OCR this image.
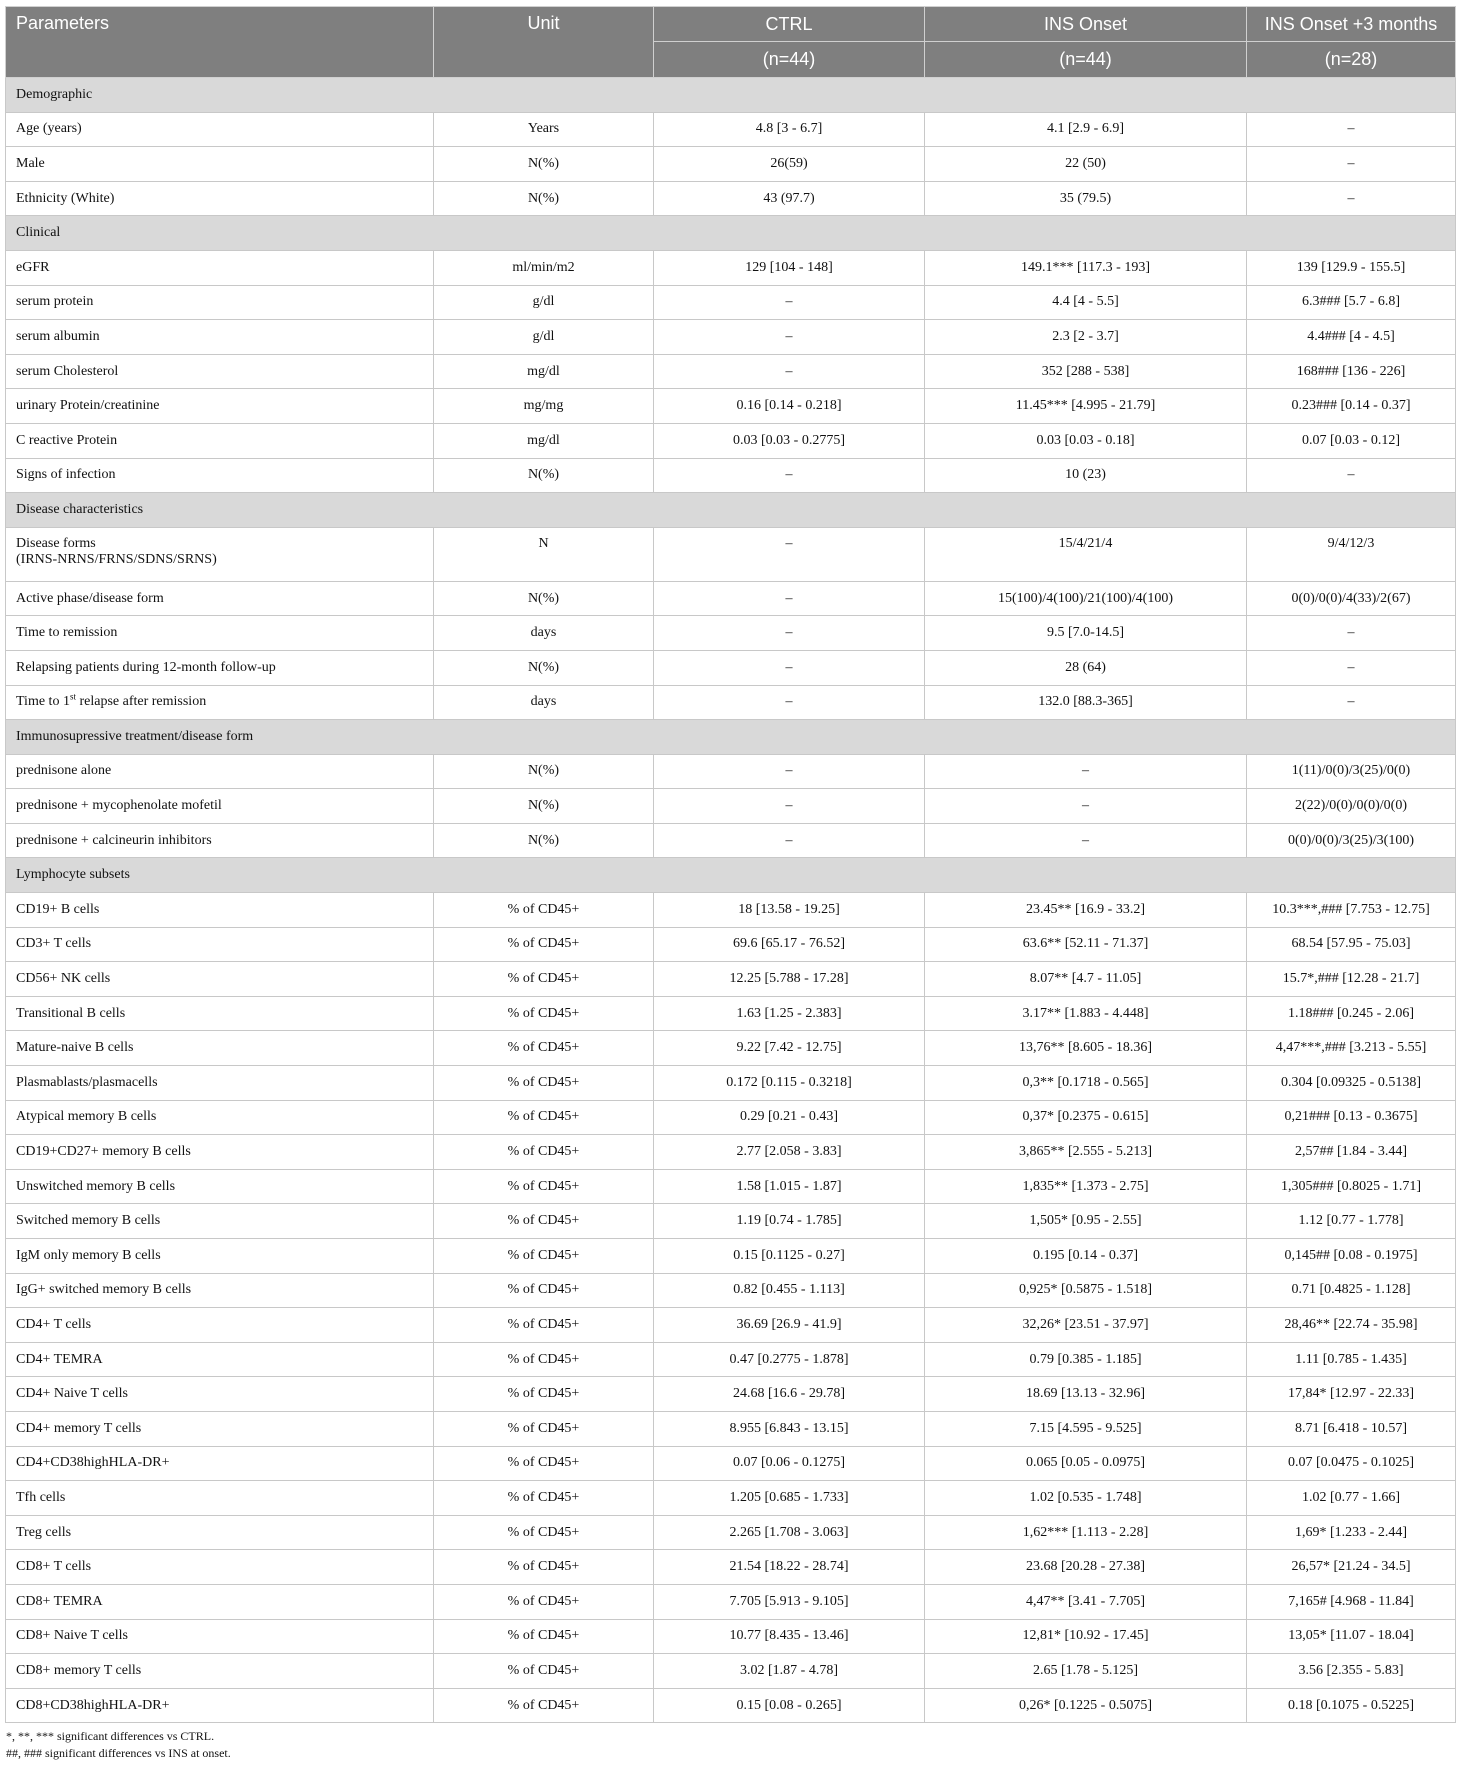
Parameters	Unit	CTRL	INS Onset	INS Onset +3 months
		(n=44)	(n=44)	(n=28)
Demographic				
Age (years)	Years	4.8 [3 - 6.7]	4.1 [2.9 - 6.9]	–
Male	N(%)	26(59)	22 (50)	–
Ethnicity (White)	N(%)	43 (97.7)	35 (79.5)	–
Clinical				
eGFR	ml/min/m2	129 [104 - 148]	149.1*** [117.3 - 193]	139 [129.9 - 155.5]
serum protein	g/dl	–	4.4 [4 - 5.5]	6.3### [5.7 - 6.8]
serum albumin	g/dl	–	2.3 [2 - 3.7]	4.4### [4 - 4.5]
serum Cholesterol	mg/dl	–	352 [288 - 538]	168### [136 - 226]
urinary Protein/creatinine	mg/mg	0.16 [0.14 - 0.218]	11.45*** [4.995 - 21.79]	0.23### [0.14 - 0.37]
C reactive Protein	mg/dl	0.03 [0.03 - 0.2775]	0.03 [0.03 - 0.18]	0.07 [0.03 - 0.12]
Signs of infection	N(%)	–	10 (23)	–
Disease characteristics				
Disease forms
(IRNS-NRNS/FRNS/SDNS/SRNS)	N	–	15/4/21/4	9/4/12/3
Active phase/disease form	N(%)	–	15(100)/4(100)/21(100)/4(100)	0(0)/0(0)/4(33)/2(67)
Time to remission	days	–	9.5 [7.0-14.5]	–
Relapsing patients during 12-month follow-up	N(%)	–	28 (64)	–
Time to 1st relapse after remission	days	–	132.0 [88.3-365]	–
Immunosupressive treatment/disease form				
prednisone alone	N(%)	–	–	1(11)/0(0)/3(25)/0(0)
prednisone + mycophenolate mofetil	N(%)	–	–	2(22)/0(0)/0(0)/0(0)
prednisone + calcineurin inhibitors	N(%)	–	–	0(0)/0(0)/3(25)/3(100)
Lymphocyte subsets				
CD19+ B cells	% of CD45+	18 [13.58 - 19.25]	23.45** [16.9 - 33.2]	10.3***,### [7.753 - 12.75]
CD3+ T cells	% of CD45+	69.6 [65.17 - 76.52]	63.6** [52.11 - 71.37]	68.54 [57.95 - 75.03]
CD56+ NK cells	% of CD45+	12.25 [5.788 - 17.28]	8.07** [4.7 - 11.05]	15.7*,### [12.28 - 21.7]
Transitional B cells	% of CD45+	1.63 [1.25 - 2.383]	3.17** [1.883 - 4.448]	1.18### [0.245 - 2.06]
Mature-naive B cells	% of CD45+	9.22 [7.42 - 12.75]	13,76** [8.605 - 18.36]	4,47***,### [3.213 - 5.55]
Plasmablasts/plasmacells	% of CD45+	0.172 [0.115 - 0.3218]	0,3** [0.1718 - 0.565]	0.304 [0.09325 - 0.5138]
Atypical memory B cells	% of CD45+	0.29 [0.21 - 0.43]	0,37* [0.2375 - 0.615]	0,21### [0.13 - 0.3675]
CD19+CD27+ memory B cells	% of CD45+	2.77 [2.058 - 3.83]	3,865** [2.555 - 5.213]	2,57## [1.84 - 3.44]
Unswitched memory B cells	% of CD45+	1.58 [1.015 - 1.87]	1,835** [1.373 - 2.75]	1,305### [0.8025 - 1.71]
Switched memory B cells	% of CD45+	1.19 [0.74 - 1.785]	1,505* [0.95 - 2.55]	1.12 [0.77 - 1.778]
IgM only memory B cells	% of CD45+	0.15 [0.1125 - 0.27]	0.195 [0.14 - 0.37]	0,145## [0.08 - 0.1975]
IgG+ switched memory B cells	% of CD45+	0.82 [0.455 - 1.113]	0,925* [0.5875 - 1.518]	0.71 [0.4825 - 1.128]
CD4+ T cells	% of CD45+	36.69 [26.9 - 41.9]	32,26* [23.51 - 37.97]	28,46** [22.74 - 35.98]
CD4+ TEMRA	% of CD45+	0.47 [0.2775 - 1.878]	0.79 [0.385 - 1.185]	1.11 [0.785 - 1.435]
CD4+ Naive T cells	% of CD45+	24.68 [16.6 - 29.78]	18.69 [13.13 - 32.96]	17,84* [12.97 - 22.33]
CD4+ memory T cells	% of CD45+	8.955 [6.843 - 13.15]	7.15 [4.595 - 9.525]	8.71 [6.418 - 10.57]
CD4+CD38highHLA-DR+	% of CD45+	0.07 [0.06 - 0.1275]	0.065 [0.05 - 0.0975]	0.07 [0.0475 - 0.1025]
Tfh cells	% of CD45+	1.205 [0.685 - 1.733]	1.02 [0.535 - 1.748]	1.02 [0.77 - 1.66]
Treg cells	% of CD45+	2.265 [1.708 - 3.063]	1,62*** [1.113 - 2.28]	1,69* [1.233 - 2.44]
CD8+ T cells	% of CD45+	21.54 [18.22 - 28.74]	23.68 [20.28 - 27.38]	26,57* [21.24 - 34.5]
CD8+ TEMRA	% of CD45+	7.705 [5.913 - 9.105]	4,47** [3.41 - 7.705]	7,165# [4.968 - 11.84]
CD8+ Naive T cells	% of CD45+	10.77 [8.435 - 13.46]	12,81* [10.92 - 17.45]	13,05* [11.07 - 18.04]
CD8+ memory T cells	% of CD45+	3.02 [1.87 - 4.78]	2.65 [1.78 - 5.125]	3.56 [2.355 - 5.83]
CD8+CD38highHLA-DR+	% of CD45+	0.15 [0.08 - 0.265]	0,26* [0.1225 - 0.5075]	0.18 [0.1075 - 0.5225]
*, **, *** significant differences vs CTRL.
##, ### significant differences vs INS at onset.
